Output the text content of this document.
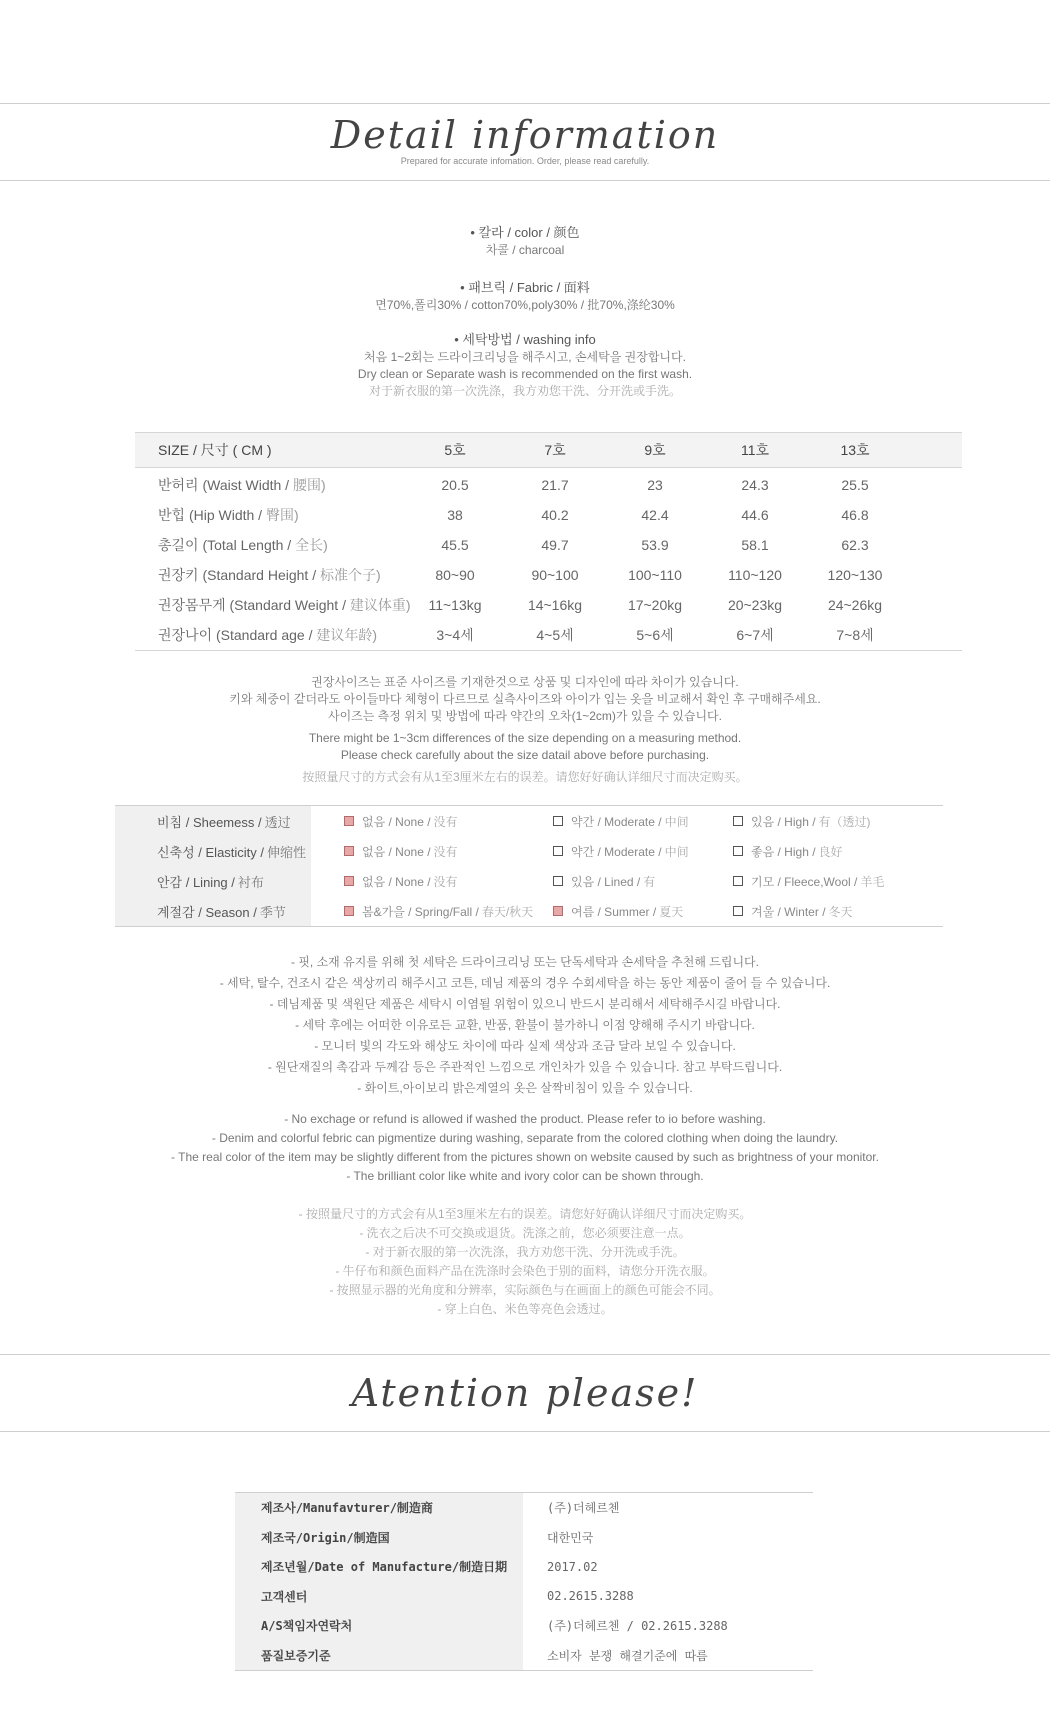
Detail information
Prepared for accurate infomation. Order, please read carefully.
• 칼라 / color / 颜色
차콜 / charcoal
• 패브릭 / Fabric / 面料
면70%,폴리30% / cotton70%,poly30% / 批70%,涤纶30%
• 세탁방법 / washing info
처음 1~2회는 드라이크리닝을 해주시고, 손세탁을 권장합니다.
Dry clean or Separate wash is recommended on the first wash.
对于新衣服的第一次洗涤，我方劝您干洗、分开洗或手洗。
SIZE / 尺寸 ( CM )	5호	7호	9호	11호	13호
반허리 (Waist Width / 腰围)	20.5	21.7	23	24.3	25.5
반힙 (Hip Width / 臀围)	38	40.2	42.4	44.6	46.8
총길이 (Total Length / 全长)	45.5	49.7	53.9	58.1	62.3
권장키 (Standard Height / 标准个子)	80~90	90~100	100~110	110~120	120~130
권장몸무게 (Standard Weight / 建议体重)	11~13kg	14~16kg	17~20kg	20~23kg	24~26kg
권장나이 (Standard age / 建议年龄)	3~4세	4~5세	5~6세	6~7세	7~8세
권장사이즈는 표준 사이즈를 기재한것으로 상품 및 디자인에 따라 차이가 있습니다.
키와 체중이 같더라도 아이들마다 체형이 다르므로 실측사이즈와 아이가 입는 옷을 비교해서 확인 후 구매해주세요.
사이즈는 측정 위치 및 방법에 따라 약간의 오차(1~2cm)가 있을 수 있습니다.
There might be 1~3cm differences of the size depending on a measuring method.
Please check carefully about the size datail above before purchasing.
按照量尺寸的方式会有从1至3厘米左右的误差。请您好好确认详细尺寸而决定购买。
비침 / Sheemess / 透过	없음 / None / 没有	약간 / Moderate / 中间	있음 / High / 有（透过)
신축성 / Elasticity / 伸缩性	없음 / None / 没有	약간 / Moderate / 中间	좋음 / High / 良好
안감 / Lining / 衬布	없음 / None / 没有	있음 / Lined / 有	기모 / Fleece,Wool / 羊毛
계절감 / Season / 季节	봄&가을 / Spring/Fall / 春天/秋天	여름 / Summer / 夏天	겨울 / Winter / 冬天
- 핏, 소재 유지를 위해 첫 세탁은 드라이크리닝 또는 단독세탁과 손세탁을 추천해 드립니다.
- 세탁, 탈수, 건조시 같은 색상끼리 해주시고 코튼, 데님 제품의 경우 수회세탁을 하는 동안 제품이 줄어 들 수 있습니다.
- 데님제품 및 색원단 제품은 세탁시 이염될 위험이 있으니 반드시 분리해서 세탁해주시길 바랍니다.
- 세탁 후에는 어떠한 이유로든 교환, 반품, 환불이 불가하니 이점 양해해 주시기 바랍니다.
- 모니터 빛의 각도와 해상도 차이에 따라 실제 색상과 조금 달라 보일 수 있습니다.
- 원단재질의 촉감과 두께감 등은 주관적인 느낌으로 개인차가 있을 수 있습니다. 참고 부탁드립니다.
- 화이트,아이보리 밝은계열의 옷은 살짝비침이 있을 수 있습니다.
- No exchage or refund is allowed if washed the product. Please refer to io before washing.
- Denim and colorful febric can pigmentize during washing, separate from the colored clothing when doing the laundry.
- The real color of the item may be slightly different from the pictures shown on website caused by such as brightness of your monitor.
- The brilliant color like white and ivory color can be shown through.
- 按照量尺寸的方式会有从1至3厘米左右的误差。请您好好确认详细尺寸而决定购买。
- 洗衣之后决不可交换或退货。洗涤之前，您必须要注意一点。
- 对于新衣服的第一次洗涤，我方劝您干洗、分开洗或手洗。
- 牛仔布和颜色面料产品在洗涤时会染色于别的面料，请您分开洗衣服。
- 按照显示器的光角度和分辨率，实际颜色与在画面上的颜色可能会不同。
- 穿上白色、米色等亮色会透过。
Atention please!
제조사/Manufavturer/制造商	(주)더헤르첸
제조국/Origin/制造国	대한민국
제조년월/Date of Manufacture/制造日期	2017.02
고객센터	02.2615.3288
A/S책임자연락처	(주)더헤르첸 / 02.2615.3288
품질보증기준	소비자 분쟁 해결기준에 따름
